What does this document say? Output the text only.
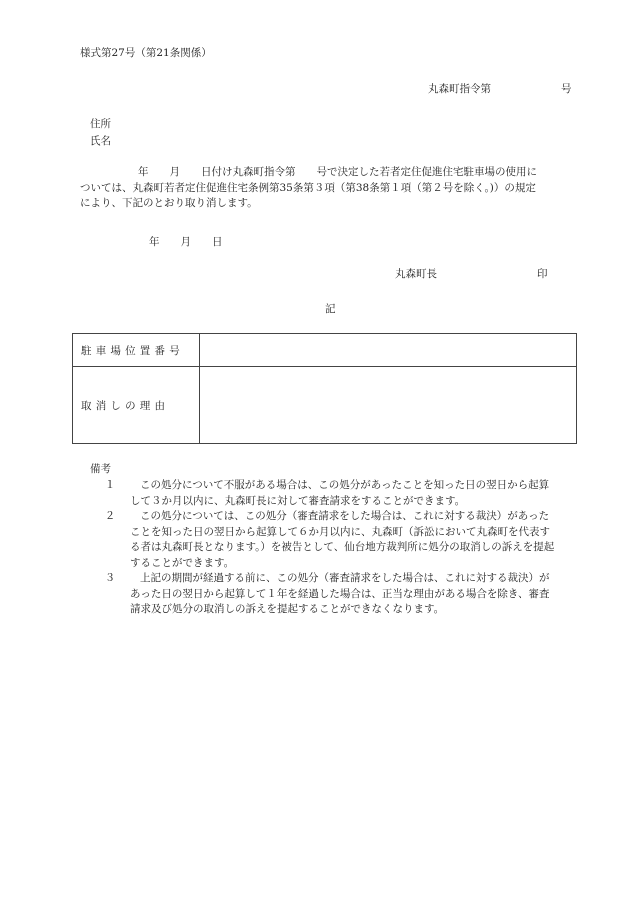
様式第27号（第21条関係）
丸森町指令第	号
住所
氏名

年　　月　　日付け丸森町指令第　　号で決定した若者定住促進住宅駐車場の使用に

ついては、丸森町若者定住促進住宅条例第35条第３項（第38条第１項（第２号を除く。)）の規定

により、下記のとおり取り消します。

年　　月　　日
丸森町長	印
記
駐車場位置番号	
取消しの理由	
備考
１	この処分について不服がある場合は、この処分があったことを知った日の翌日から起算

して３か月以内に、丸森町長に対して審査請求をすることができます。

２	この処分については、この処分（審査請求をした場合は、これに対する裁決）があった

ことを知った日の翌日から起算して６か月以内に、丸森町（訴訟において丸森町を代表す

る者は丸森町長となります。）を被告として、仙台地方裁判所に処分の取消しの訴えを提起

することができます。

３	上記の期間が経過する前に、この処分（審査請求をした場合は、これに対する裁決）が

あった日の翌日から起算して１年を経過した場合は、正当な理由がある場合を除き、審査

請求及び処分の取消しの訴えを提起することができなくなります。
